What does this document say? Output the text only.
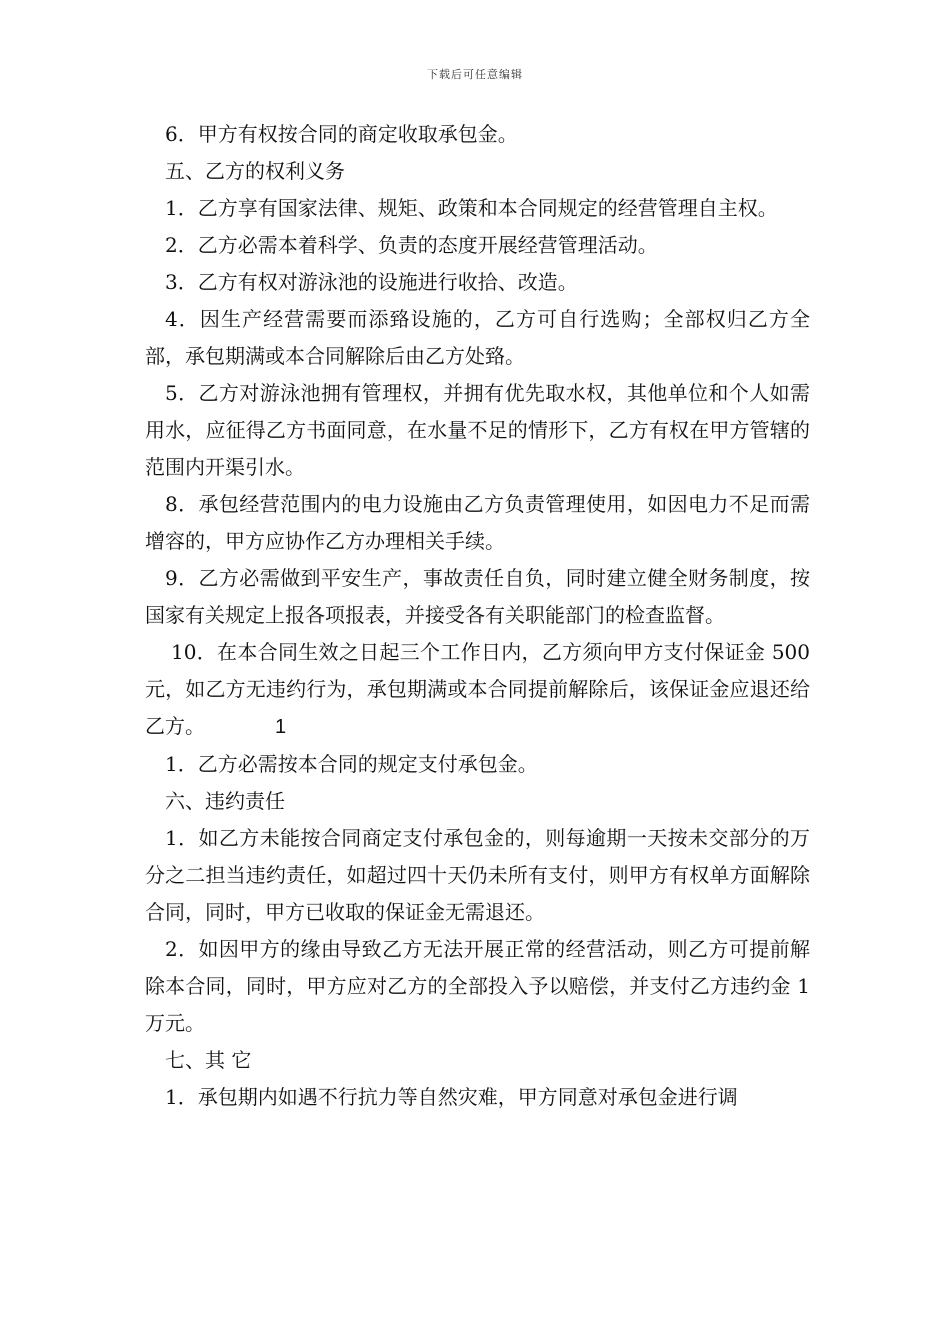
下载后可任意编辑

6．甲方有权按合同的商定收取承包金。

五、乙方的权利义务

1．乙方享有国家法律、规矩、政策和本合同规定的经营管理自主权。

2．乙方必需本着科学、负责的态度开展经营管理活动。

3．乙方有权对游泳池的设施进行收拾、改造。

4．因生产经营需要而添臵设施的，乙方可自行选购；全部权归乙方全部，承包期满或本合同解除后由乙方处臵。

5．乙方对游泳池拥有管理权，并拥有优先取水权，其他单位和个人如需用水，应征得乙方书面同意，在水量不足的情形下，乙方有权在甲方管辖的范围内开渠引水。

8．承包经营范围内的电力设施由乙方负责管理使用，如因电力不足而需增容的，甲方应协作乙方办理相关手续。

9．乙方必需做到平安生产，事故责任自负，同时建立健全财务制度，按国家有关规定上报各项报表，并接受各有关职能部门的检查监督。

10．在本合同生效之日起三个工作日内，乙方须向甲方支付保证金 500 元，如乙方无违约行为，承包期满或本合同提前解除后，该保证金应退还给乙方。	1

1．乙方必需按本合同的规定支付承包金。

六、违约责任

1．如乙方未能按合同商定支付承包金的，则每逾期一天按未交部分的万分之二担当违约责任，如超过四十天仍未所有支付，则甲方有权单方面解除合同，同时，甲方已收取的保证金无需退还。

2．如因甲方的缘由导致乙方无法开展正常的经营活动，则乙方可提前解除本合同，同时，甲方应对乙方的全部投入予以赔偿，并支付乙方违约金 1 万元。

七、其 它

1．承包期内如遇不行抗力等自然灾难，甲方同意对承包金进行调
